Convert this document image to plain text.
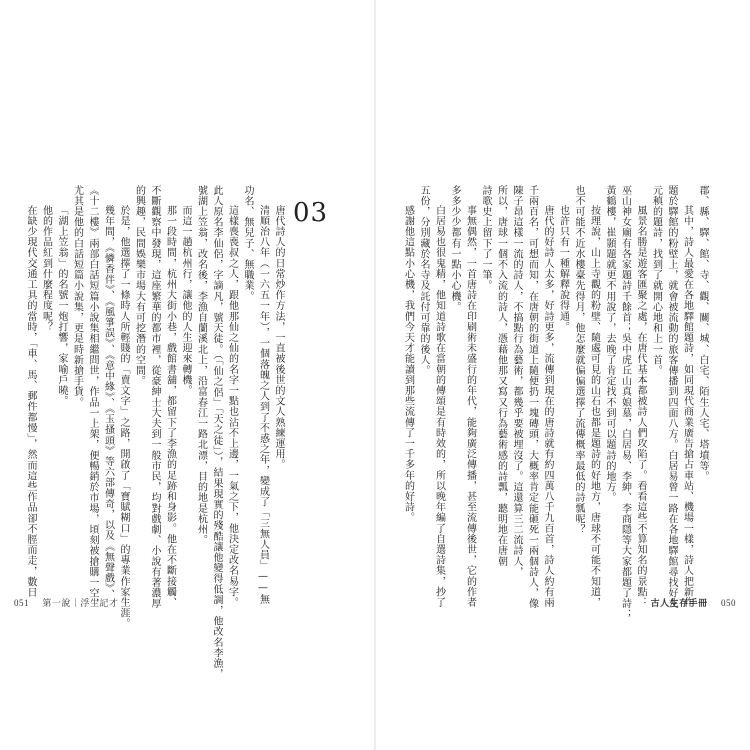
唐代詩人的日常炒作方法，一直被後世的文人熟練運用。
清順治八年（一六五一年），一個落魄之人到了不惑之年，變成了「三無人員」——無
功名、無兒子、無職業。
這樣喪喪叔之人，跟他那仙之仙的名字一點也沾不上邊，一氣之下，他決定改名易字。
此人原名李仙侶，字謫凡，號天徒。（「仙之侶」「天之徒」），結果現實的殘酷讓他變得低調，他改名李漁，
號湖上笠翁，改名後，李漁自蘭溪北上，沿富春江一路北漂，目的地是杭州。
而這一趟杭州行，讓他的人生迎來轉機。
那一段時間，杭州大街小巷，戲館書舖，都留下了李漁的足跡和身影。他在不斷接觸、
不斷觀察中發現，這座繁華的都市裡，從豪紳士大夫到一般市民，均對戲劇、小說有著濃厚
的興趣，民間娛樂市場大有可挖潛的空間。
於是，他選擇了一條時人所輕賤的「賣文字」之路，開啟了「寶賦糊口」的專業作家生涯。
幾年間，《憐香伴》、《風箏誤》、《意中緣》、《玉搔頭》等六部傳奇，以及《無聲戲》、
《十二樓》兩部白話短篇小說集相繼問世，作品一上架，便暢銷於市場，頃刻被搶購一空，
尤其是他的白話短篇小說集，更是時新搶手貨。
「湖上笠翁」的名號一炮打響，家喻戶曉。
他的作品紅到什麼程度呢？
在缺少現代交通工具的當時，「車、馬、郵件都慢」，然而這些作品卻不脛而走，數日	03
051 第一說｜浮生記才
郡、縣、驛、館、寺、觀、關、城、白宅、陌生人宅、塔墳等。
其中，詩人最愛在各地驛館題詩，如同現代商業廣告搶占車站、機場一樣，詩人把新作
題於驛館的粉壁上，就會被流動的旅客傳播到四面八方。白居易曾一路在各地驛館尋找好友
元稹的題詩，找到了就開心地和上一首。
風景名勝是遊客匯聚之處，在唐代基本都被詩人們攻陷了。看看這些不算知名的景點：
巫山神女廟有各家題詩千餘首；吳中虎丘山真娘墓，白居易、李紳、李商隱等大家都題了詩；
黃鶴樓，崔顥題就更不用說了，去晚了肯定找不到可以題詩的地方。
按理說，山上寺觀的粉壁、隨處可見的山石也都是題詩的好地方，唐球不可能不知道，
也不可能不近水樓臺先得月，他怎麼就偏偏選擇了流傳概率最低的詩瓢呢？
也許只有一種解釋說得通。
唐代的好詩人太多，好詩更多，流傳到現在的唐詩就有約四萬八千九百首，詩人約有兩
千兩百名，可想而知，在唐朝的街道上隨便扔一塊磚頭，大概率肯定能砸死一兩個詩人，像
陳子昂這樣一流的詩人，不搞點行為藝術，都幾乎要被埋沒了。這還算三二流詩人，
所以，唐球一個不入流的詩人，憑藉他那又寫又行為藝術感的詩瓢，聽明地在唐朝
詩歌史上留下了一筆。
事無偶然，一首唐詩在印刷術未盛行的年代，能夠廣泛傳播，甚至流傳後世，它的作者
多多少少都有一點小心機。
白居易也很鬼精，他知道詩歌在當朝的傳頌是有時效的，所以晚年編了自選詩集，抄了
五份，分別藏於名寺及託付可靠的後人。
感謝他這點小心機，我們今天才能讀到那些流傳了一千多年的好詩。
古人生存手冊 050
